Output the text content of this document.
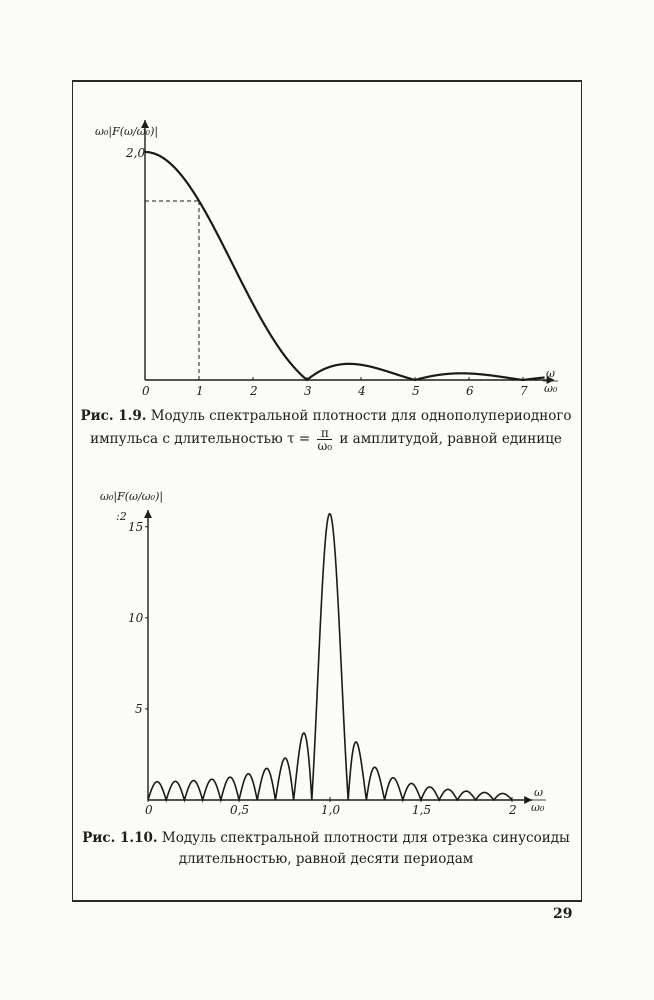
0	1	2	3	4	5	6	7
2,0
ω₀|F(ω/ω₀)|
ω
ω₀
Рис. 1.9. Модуль спектральной плотности для однополупериодного импульса с длительностью $\tau = \frac{\pi}{\text{ω₀}}$ и амплитудой, равной единице
0	0,5	1,0	1,5	2
5
10
15
ω₀|F(ω/ω₀)|
:2
ω
ω₀
Рис. 1.10. Модуль спектральной плотности для отрезка синусоиды длительностью, равной десяти периодам
29
